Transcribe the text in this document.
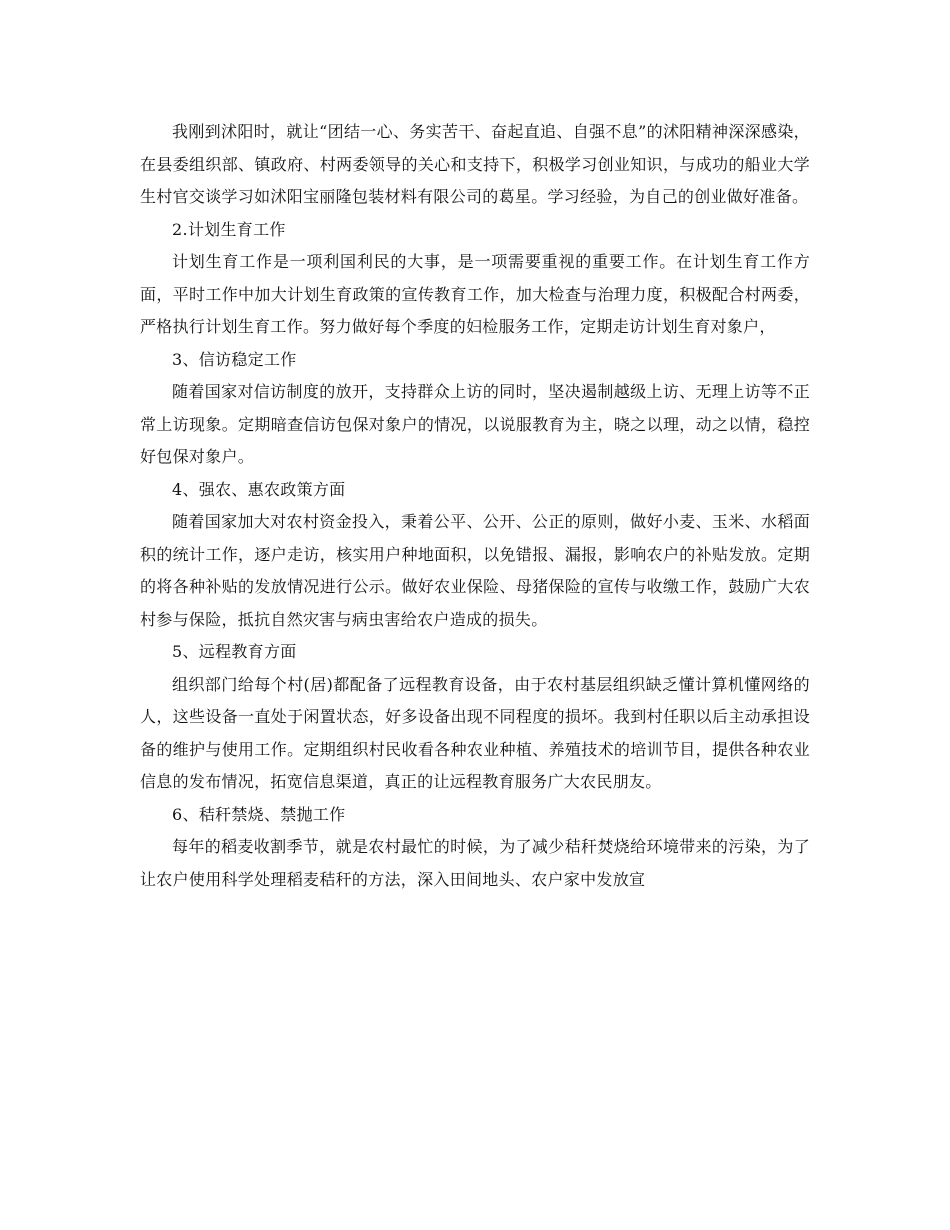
我刚到沭阳时，就让“团结一心、务实苦干、奋起直追、自强不息”的沭阳精神深深感染，在县委组织部、镇政府、村两委领导的关心和支持下，积极学习创业知识，与成功的船业大学生村官交谈学习如沭阳宝丽隆包装材料有限公司的葛星。学习经验，为自己的创业做好准备。

2.计划生育工作

计划生育工作是一项利国利民的大事，是一项需要重视的重要工作。在计划生育工作方面，平时工作中加大计划生育政策的宣传教育工作，加大检查与治理力度，积极配合村两委，严格执行计划生育工作。努力做好每个季度的妇检服务工作，定期走访计划生育对象户，

3、信访稳定工作

随着国家对信访制度的放开，支持群众上访的同时，坚决遏制越级上访、无理上访等不正常上访现象。定期暗查信访包保对象户的情况，以说服教育为主，晓之以理，动之以情，稳控好包保对象户。

4、强农、惠农政策方面

随着国家加大对农村资金投入，秉着公平、公开、公正的原则，做好小麦、玉米、水稻面积的统计工作，逐户走访，核实用户种地面积，以免错报、漏报，影响农户的补贴发放。定期的将各种补贴的发放情况进行公示。做好农业保险、母猪保险的宣传与收缴工作，鼓励广大农村参与保险，抵抗自然灾害与病虫害给农户造成的损失。

5、远程教育方面

组织部门给每个村(居)都配备了远程教育设备，由于农村基层组织缺乏懂计算机懂网络的人，这些设备一直处于闲置状态，好多设备出现不同程度的损坏。我到村任职以后主动承担设备的维护与使用工作。定期组织村民收看各种农业种植、养殖技术的培训节目，提供各种农业信息的发布情况，拓宽信息渠道，真正的让远程教育服务广大农民朋友。

6、秸秆禁烧、禁抛工作

每年的稻麦收割季节，就是农村最忙的时候，为了减少秸秆焚烧给环境带来的污染，为了让农户使用科学处理稻麦秸秆的方法，深入田间地头、农户家中发放宣
